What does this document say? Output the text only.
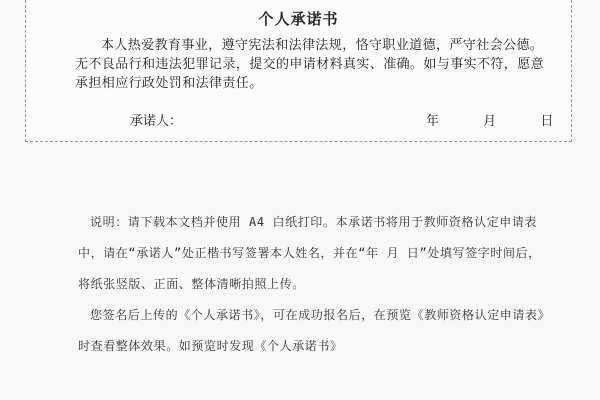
个人承诺书
本人热爱教育事业，遵守宪法和法律法规，恪守职业道德，严守社会公德。无不良品行和违法犯罪记录，提交的申请材料真实、准确。如与事实不符，愿意承担相应行政处罚和法律责任。
承诺人：	年	月	日

说明：请下载本文档并使用 A4 白纸打印。本承诺书将用于教师资格认定申请表中，请在“承诺人”处正楷书写签署本人姓名，并在“年 月 日”处填写签字时间后，将纸张竖版、正面、整体清晰拍照上传。

您签名后上传的《个人承诺书》，可在成功报名后，在预览《教师资格认定申请表》时查看整体效果。如预览时发现《个人承诺书》
